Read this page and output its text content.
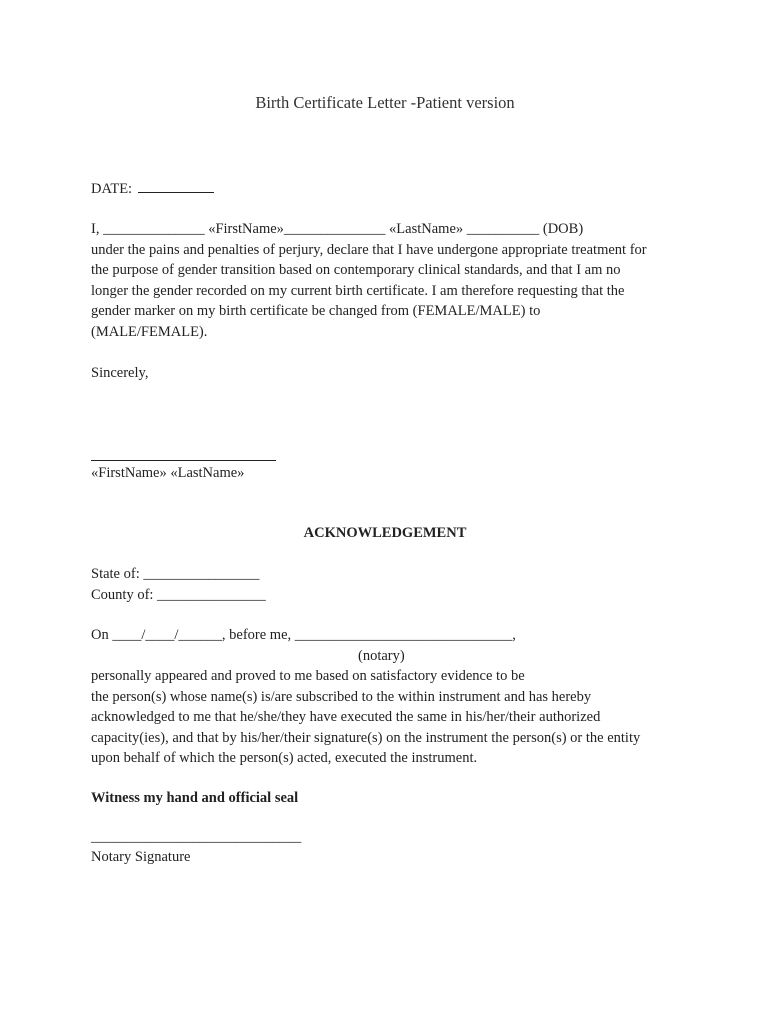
Birth Certificate Letter -Patient version
DATE:
I, ______________ «FirstName»______________ «LastName» __________ (DOB)
under the pains and penalties of perjury, declare that I have undergone appropriate treatment for
the purpose of gender transition based on contemporary clinical standards, and that I am no
longer the gender recorded on my current birth certificate. I am therefore requesting that the
gender marker on my birth certificate be changed from (FEMALE/MALE) to
(MALE/FEMALE).
Sincerely,
«FirstName» «LastName»
ACKNOWLEDGEMENT
State of: ________________
County of: _______________
On ____/____/______, before me, ______________________________,
(notary)
personally appeared and proved to me based on satisfactory evidence to be
the person(s) whose name(s) is/are subscribed to the within instrument and has hereby
acknowledged to me that he/she/they have executed the same in his/her/their authorized
capacity(ies), and that by his/her/their signature(s) on the instrument the person(s) or the entity
upon behalf of which the person(s) acted, executed the instrument.
Witness my hand and official seal
_____________________________
Notary Signature
